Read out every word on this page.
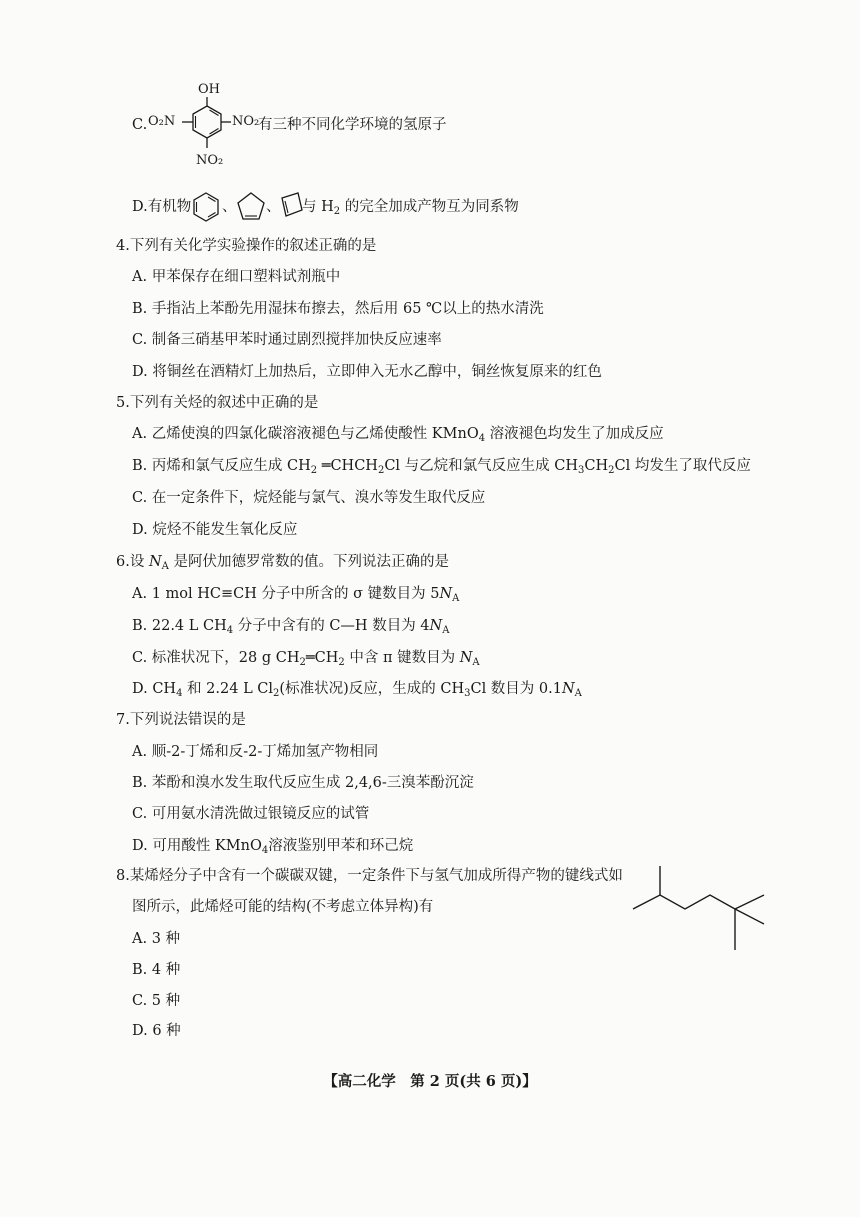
OH
O₂N	NO₂
NO₂
C.	有三种不同化学环境的氢原子
D.有机物 、 、 与 $H_2$ 的完全加成产物互为同系物
4.下列有关化学实验操作的叙述正确的是
A. 甲苯保存在细口塑料试剂瓶中
B. 手指沾上苯酚先用湿抹布擦去，然后用 65 ℃以上的热水清洗
C. 制备三硝基甲苯时通过剧烈搅拌加快反应速率
D. 将铜丝在酒精灯上加热后，立即伸入无水乙醇中，铜丝恢复原来的红色
5.下列有关烃的叙述中正确的是
A. 乙烯使溴的四氯化碳溶液褪色与乙烯使酸性 KMnO$_4$ 溶液褪色均发生了加成反应
B. 丙烯和氯气反应生成 $CH_2$ $═CHCH_2Cl$ 与乙烷和氯气反应生成 $CH_3CH_2Cl$ 均发生了取代反应
C. 在一定条件下，烷烃能与氯气、溴水等发生取代反应
D. 烷烃不能发生氧化反应
6.设 $N_A$ 是阿伏加德罗常数的值。下列说法正确的是
A. 1 mol HC≡CH 分子中所含的 σ 键数目为 $5N_A$
B. 22.4 L $CH_4$ 分子中含有的 C—H 数目为 $4N_A$
C. 标准状况下，28 g $CH_2═CH_2$ 中含 π 键数目为 $N_A$
D. $CH_4$ 和 2.24 L $Cl_2$(标准状况)反应，生成的 $CH_3Cl$ 数目为 $0.1N_A$
7.下列说法错误的是
A. 顺-2-丁烯和反-2-丁烯加氢产物相同
B. 苯酚和溴水发生取代反应生成 2,4,6-三溴苯酚沉淀
C. 可用氨水清洗做过银镜反应的试管
D. 可用酸性 KMnO$_4$溶液鉴别甲苯和环己烷
8.某烯烃分子中含有一个碳碳双键，一定条件下与氢气加成所得产物的键线式如
图所示，此烯烃可能的结构(不考虑立体异构)有
A. 3 种
B. 4 种
C. 5 种
D. 6 种
【高二化学　第 2 页(共 6 页)】
